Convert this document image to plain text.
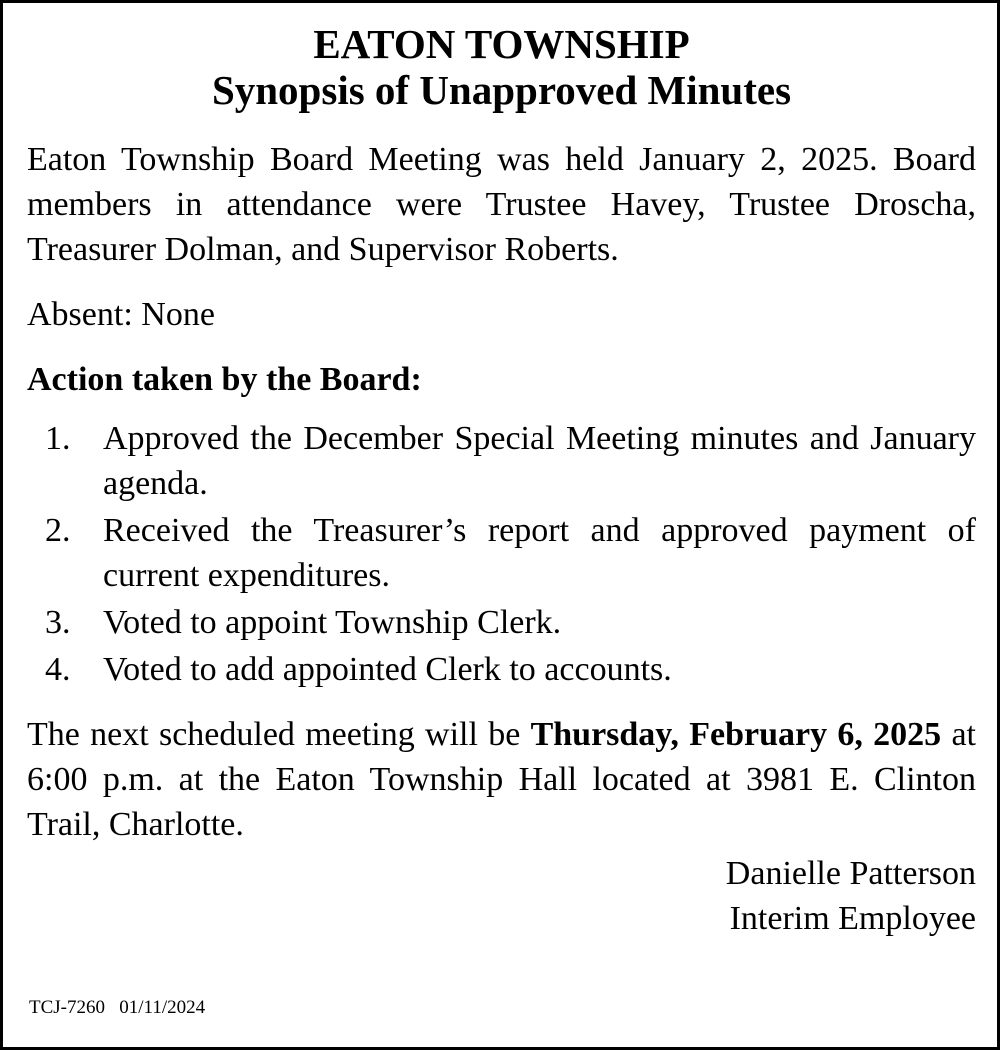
EATON TOWNSHIP
Synopsis of Unapproved Minutes

Eaton Township Board Meeting was held January 2, 2025. Board members in attendance were Trustee Havey, Trustee Droscha, Treasurer Dolman, and Supervisor Roberts.

Absent: None

Action taken by the Board:

1. Approved the December Special Meeting minutes and January agenda.
2. Received the Treasurer’s report and approved payment of current expenditures.
3. Voted to appoint Township Clerk.
4. Voted to add appointed Clerk to accounts.

The next scheduled meeting will be Thursday, February 6, 2025 at 6:00 p.m. at the Eaton Township Hall located at 3981 E. Clinton Trail, Charlotte.

Danielle Patterson
Interim Employee
TCJ-7260 01/11/2024
